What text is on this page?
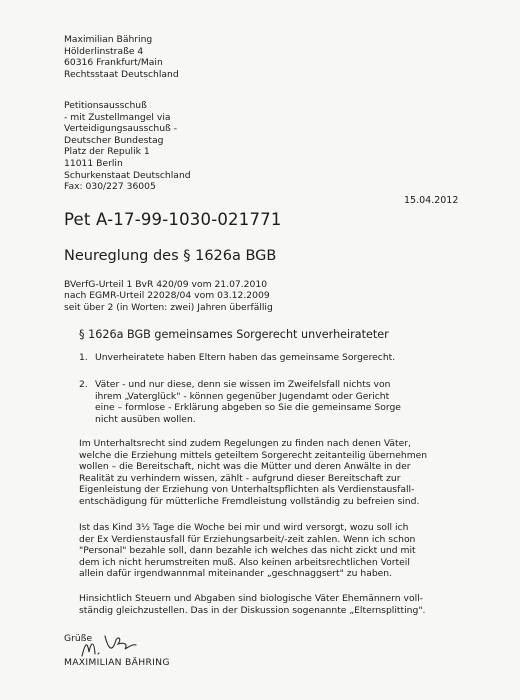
Maximilian Bähring
Hölderlinstraße 4
60316 Frankfurt/Main
Rechtsstaat Deutschland
Petitionsausschuß
- mit Zustellmangel via
Verteidigungsausschuß -
Deutscher Bundestag
Platz der Repulik 1
11011 Berlin
Schurkenstaat Deutschland
Fax: 030/227 36005
15.04.2012
Pet A-17-99-1030-021771
Neureglung des § 1626a BGB
BVerfG-Urteil 1 BvR 420/09 vom 21.07.2010
nach EGMR-Urteil 22028/04 vom 03.12.2009
seit über 2 (in Worten: zwei) Jahren überfällig
§ 1626a BGB gemeinsames Sorgerecht unverheirateter
1. Unverheiratete haben Eltern haben das gemeinsame Sorgerecht.
2. Väter - und nur diese, denn sie wissen im Zweifelsfall nichts von
ihrem „Vaterglück" - können gegenüber Jugendamt oder Gericht
eine – formlose - Erklärung abgeben so Sie die gemeinsame Sorge
nicht ausüben wollen.
Im Unterhaltsrecht sind zudem Regelungen zu finden nach denen Väter,
welche die Erziehung mittels geteiltem Sorgerecht zeitanteilig übernehmen
wollen – die Bereitschaft, nicht was die Mütter und deren Anwälte in der
Realität zu verhindern wissen, zählt - aufgrund dieser Bereitschaft zur
Eigenleistung der Erziehung von Unterhaltspflichten als Verdienstausfall-
entschädigung für mütterliche Fremdleistung vollständig zu befreien sind.
Ist das Kind 3½ Tage die Woche bei mir und wird versorgt, wozu soll ich
der Ex Verdienstausfall für Erziehungsarbeit/-zeit zahlen. Wenn ich schon
"Personal" bezahle soll, dann bezahle ich welches das nicht zickt und mit
dem ich nicht herumstreiten muß. Also keinen arbeitsrechtlichen Vorteil
allein dafür irgendwannmal miteinander „geschnaggsert" zu haben.
Hinsichtlich Steuern und Abgaben sind biologische Väter Ehemännern voll-
ständig gleichzustellen. Das in der Diskussion sogenannte „Elternsplitting".
Grüße
MAXIMILIAN BÄHRING
